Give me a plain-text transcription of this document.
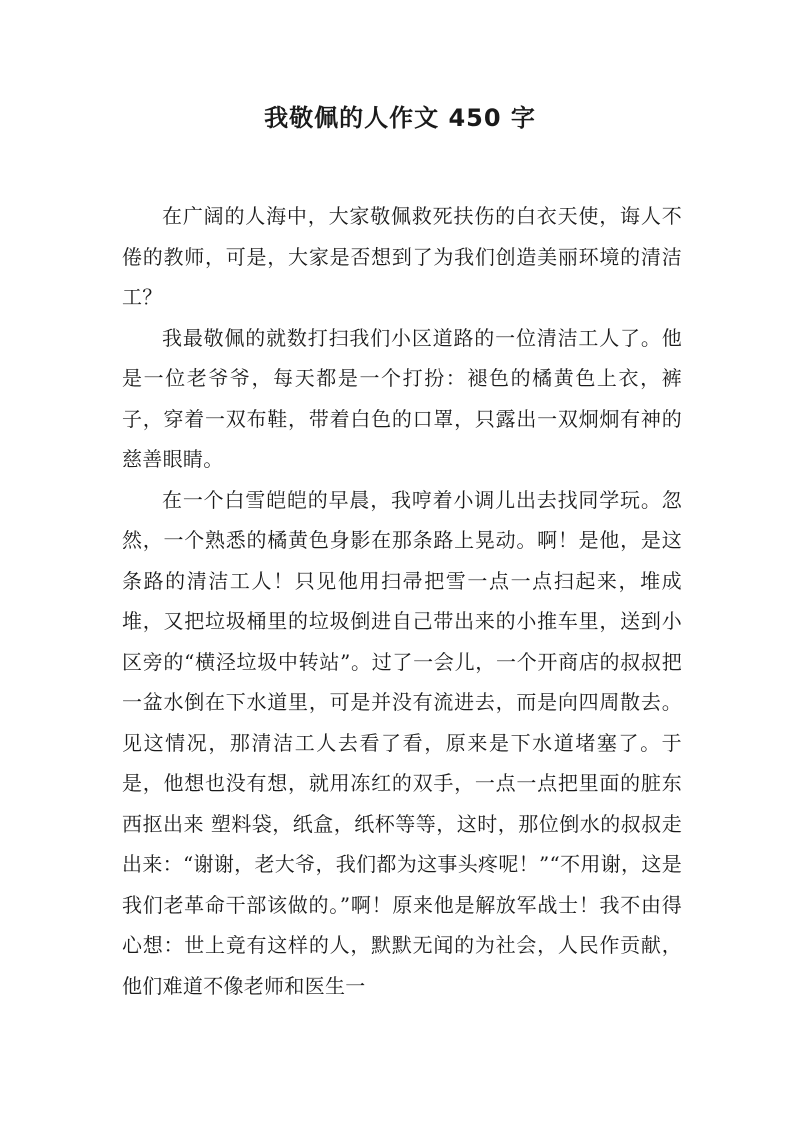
我敬佩的人作文 450 字

在广阔的人海中，大家敬佩救死扶伤的白衣天使，诲人不倦的教师，可是，大家是否想到了为我们创造美丽环境的清洁工？

我最敬佩的就数打扫我们小区道路的一位清洁工人了。他是一位老爷爷，每天都是一个打扮：褪色的橘黄色上衣，裤子，穿着一双布鞋，带着白色的口罩，只露出一双炯炯有神的慈善眼睛。

在一个白雪皑皑的早晨，我哼着小调儿出去找同学玩。忽然，一个熟悉的橘黄色身影在那条路上晃动。啊！是他，是这条路的清洁工人！只见他用扫帚把雪一点一点扫起来，堆成堆，又把垃圾桶里的垃圾倒进自己带出来的小推车里，送到小区旁的“横泾垃圾中转站”。过了一会儿，一个开商店的叔叔把一盆水倒在下水道里，可是并没有流进去，而是向四周散去。见这情况，那清洁工人去看了看，原来是下水道堵塞了。于是，他想也没有想，就用冻红的双手，一点一点把里面的脏东西抠出来 塑料袋，纸盒，纸杯等等，这时，那位倒水的叔叔走出来：“谢谢，老大爷，我们都为这事头疼呢！”“不用谢，这是我们老革命干部该做的。”啊！原来他是解放军战士！我不由得心想：世上竟有这样的人，默默无闻的为社会，人民作贡献，他们难道不像老师和医生一
